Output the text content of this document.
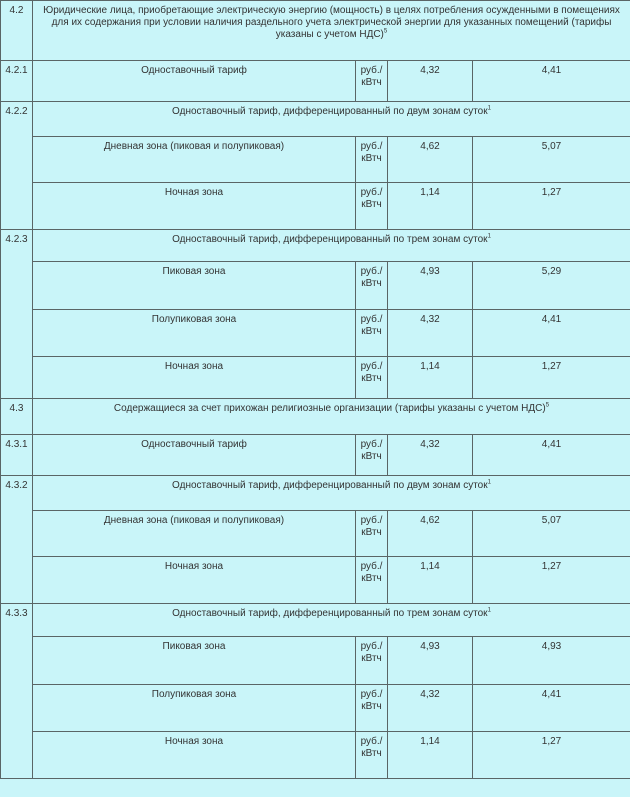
4.2	Юридические лица, приобретающие электрическую энергию (мощность) в целях потребления осужденными в помещениях для их содержания при условии наличия раздельного учета электрической энергии для указанных помещений (тарифы указаны с учетом НДС)$^5$
4.2.1	Одноставочный тариф	руб./
кВтч	4,32	4,41
4.2.2	Одноставочный тариф, дифференцированный по двум зонам суток$^1$
	Дневная зона (пиковая и полупиковая)	руб./
кВтч	4,62	5,07
	Ночная зона	руб./
кВтч	1,14	1,27
4.2.3	Одноставочный тариф, дифференцированный по трем зонам суток$^1$
	Пиковая зона	руб./
кВтч	4,93	5,29
	Полупиковая зона	руб./
кВтч	4,32	4,41
	Ночная зона	руб./
кВтч	1,14	1,27
4.3	Содержащиеся за счет прихожан религиозные организации (тарифы указаны с учетом НДС)$^5$
4.3.1	Одноставочный тариф	руб./
кВтч	4,32	4,41
4.3.2	Одноставочный тариф, дифференцированный по двум зонам суток$^1$
	Дневная зона (пиковая и полупиковая)	руб./
кВтч	4,62	5,07
	Ночная зона	руб./
кВтч	1,14	1,27
4.3.3	Одноставочный тариф, дифференцированный по трем зонам суток$^1$
	Пиковая зона	руб./
кВтч	4,93	4,93
	Полупиковая зона	руб./
кВтч	4,32	4,41
	Ночная зона	руб./
кВтч	1,14	1,27
